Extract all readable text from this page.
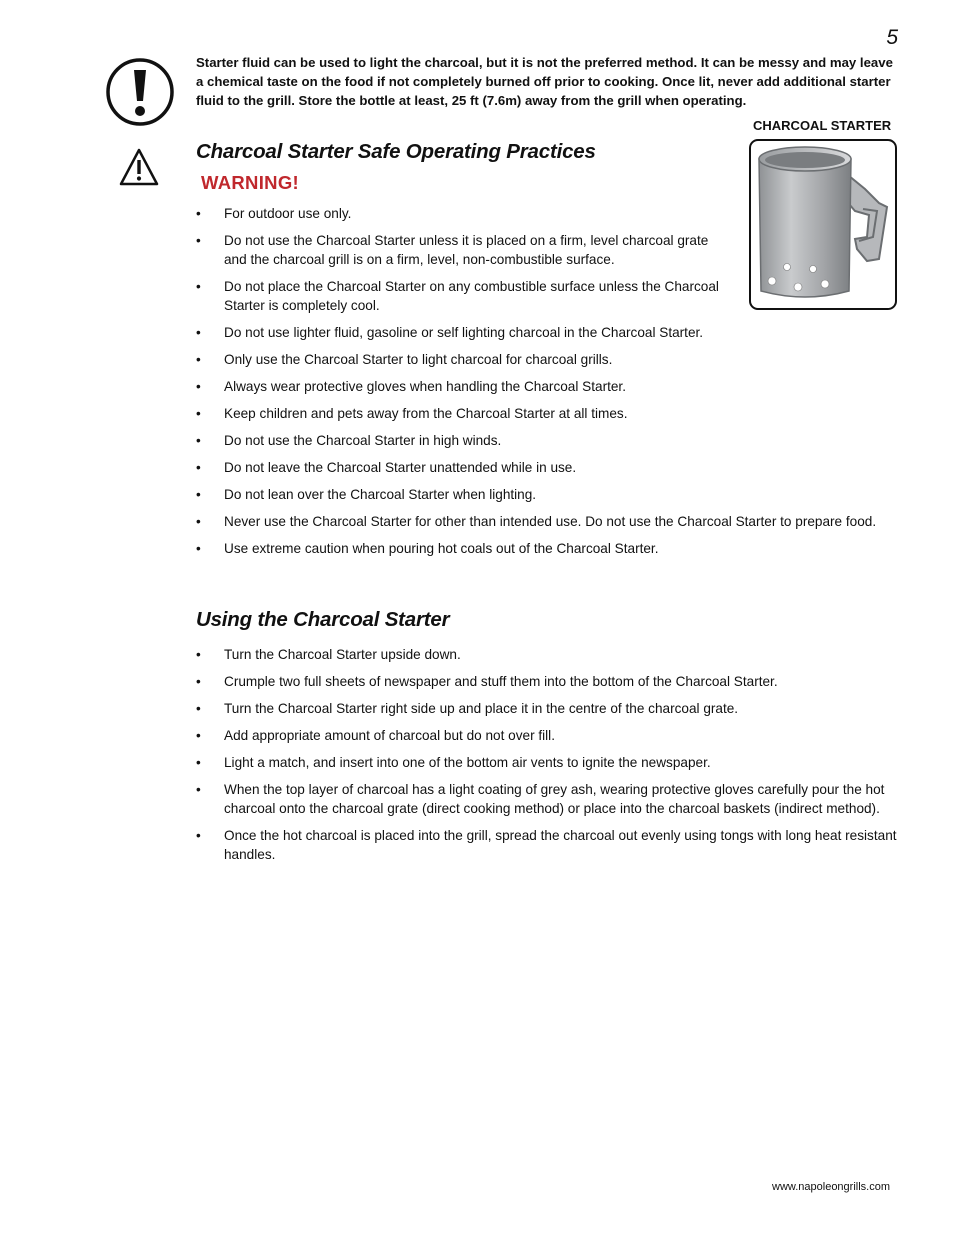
5
Starter fluid can be used to light the charcoal, but it is not the preferred method. It can be messy and may leave a chemical taste on the food if not completely burned off prior to cooking. Once lit, never add additional starter fluid to the grill. Store the bottle at least, 25 ft (7.6m) away from the grill when operating.
CHARCOAL STARTER
Charcoal Starter Safe Operating Practices
WARNING!
• For outdoor use only.
• Do not use the Charcoal Starter unless it is placed on a firm, level charcoal grate and the charcoal grill is on a firm, level, non-combustible surface.
• Do not place the Charcoal Starter on any combustible surface unless the Charcoal Starter is completely cool.
• Do not use lighter fluid, gasoline or self lighting charcoal in the Charcoal Starter.
• Only use the Charcoal Starter to light charcoal for charcoal grills.
• Always wear protective gloves when handling the Charcoal Starter.
• Keep children and pets away from the Charcoal Starter at all times.
• Do not use the Charcoal Starter in high winds.
• Do not leave the Charcoal Starter unattended while in use.
• Do not lean over the Charcoal Starter when lighting.
• Never use the Charcoal Starter for other than intended use. Do not use the Charcoal Starter to prepare food.
• Use extreme caution when pouring hot coals out of the Charcoal Starter.
Using the Charcoal Starter
• Turn the Charcoal Starter upside down.
• Crumple two full sheets of newspaper and stuff them into the bottom of the Charcoal Starter.
• Turn the Charcoal Starter right side up and place it in the centre of the charcoal grate.
• Add appropriate amount of charcoal but do not over fill.
• Light a match, and insert into one of the bottom air vents to ignite the newspaper.
• When the top layer of charcoal has a light coating of grey ash, wearing protective gloves carefully pour the hot charcoal onto the charcoal grate (direct cooking method) or place into the charcoal baskets (indirect method).
• Once the hot charcoal is placed into the grill, spread the charcoal out evenly using tongs with long heat resistant handles.
www.napoleongrills.com
